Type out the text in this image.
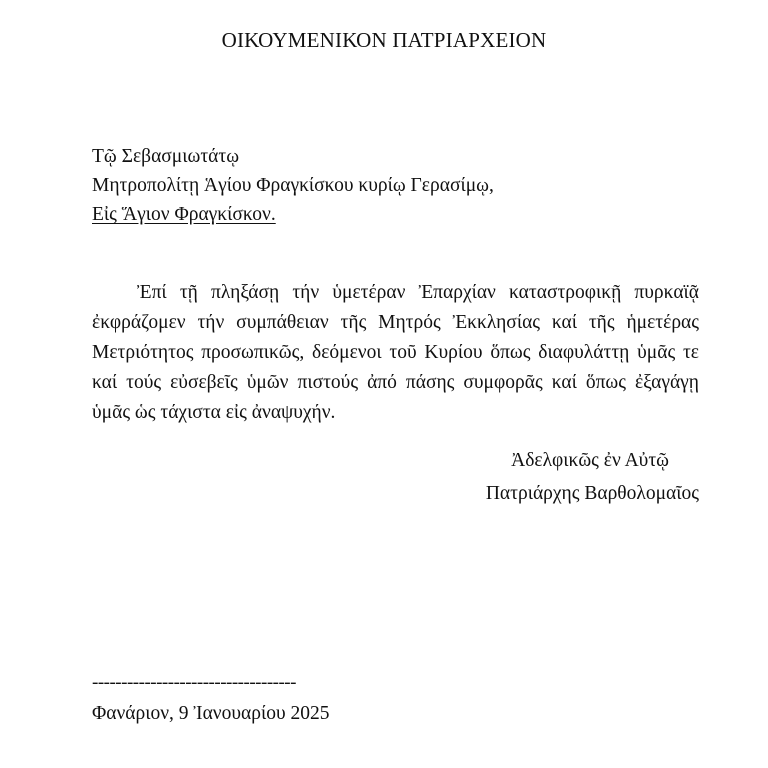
ΟΙΚΟΥΜΕΝΙΚΟΝ ΠΑΤΡΙΑΡΧΕΙΟΝ
Τῷ Σεβασμιωτάτῳ
Μητροπολίτῃ Ἁγίου Φραγκίσκου κυρίῳ Γερασίμῳ,
Εἰς Ἅγιον Φραγκίσκον.

Ἐπί τῇ πληξάσῃ τήν ὑμετέραν Ἐπαρχίαν καταστροφικῇ πυρκαϊᾷ ἐκφράζομεν τήν συμπάθειαν τῆς Μητρός Ἐκκλησίας καί τῆς ἡμετέρας Μετριότητος προσωπικῶς, δεόμενοι τοῦ Κυρίου ὅπως διαφυλάττῃ ὑμᾶς τε καί τούς εὐσεβεῖς ὑμῶν πιστούς ἀπό πάσης συμφορᾶς καί ὅπως ἐξαγάγῃ ὑμᾶς ὡς τάχιστα εἰς ἀναψυχήν.

Ἀδελφικῶς ἐν Αὐτῷ
Πατριάρχης Βαρθολομαῖος
-----------------------------------
Φανάριον, 9 Ἰανουαρίου 2025
